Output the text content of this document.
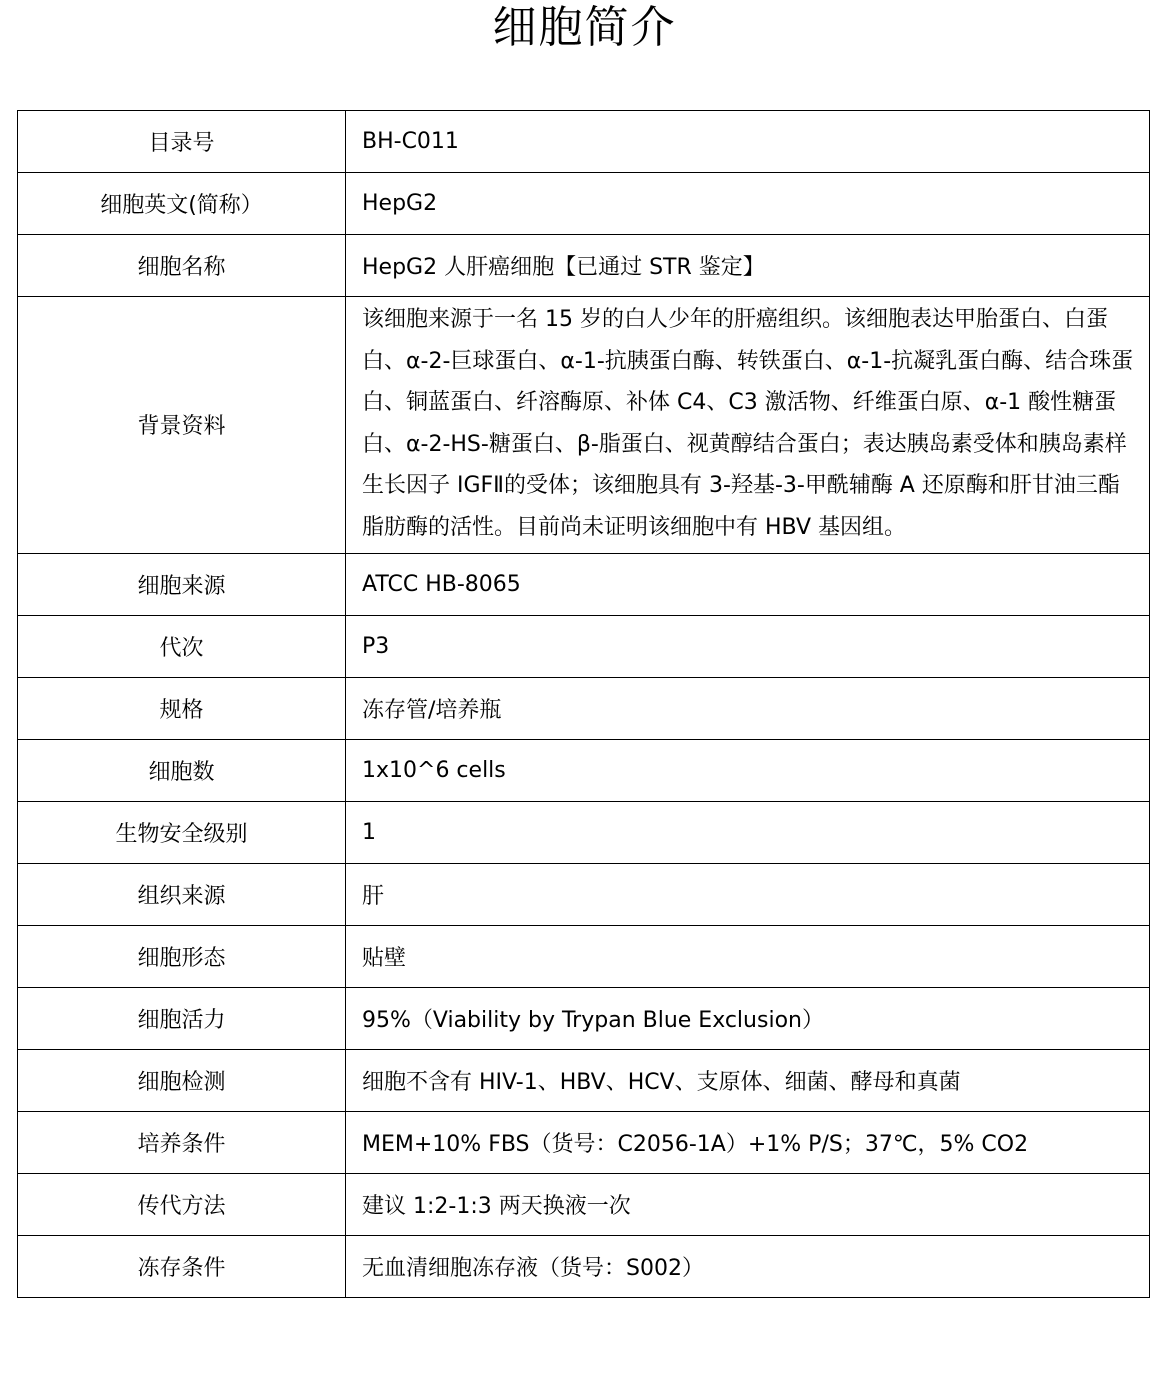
细胞简介
目录号	BH-C011
细胞英文(简称）	HepG2
细胞名称	HepG2 人肝癌细胞【已通过 STR 鉴定】
背景资料	该细胞来源于一名 15 岁的白人少年的肝癌组织。该细胞表达甲胎蛋白、白蛋白、α-2-巨球蛋白、α-1-抗胰蛋白酶、转铁蛋白、α-1-抗凝乳蛋白酶、结合珠蛋白、铜蓝蛋白、纤溶酶原、补体 C4、C3 激活物、纤维蛋白原、α-1 酸性糖蛋白、α-2-HS-糖蛋白、β-脂蛋白、视黄醇结合蛋白；表达胰岛素受体和胰岛素样生长因子 IGFⅡ的受体；该细胞具有 3-羟基-3-甲酰辅酶 A 还原酶和肝甘油三酯脂肪酶的活性。目前尚未证明该细胞中有 HBV 基因组。
细胞来源	ATCC HB-8065
代次	P3
规格	冻存管/培养瓶
细胞数	1x10^6 cells
生物安全级别	1
组织来源	肝
细胞形态	贴壁
细胞活力	95%（Viability by Trypan Blue Exclusion）
细胞检测	细胞不含有 HIV-1、HBV、HCV、支原体、细菌、酵母和真菌
培养条件	MEM+10% FBS（货号：C2056-1A）+1% P/S；37℃，5% CO2
传代方法	建议 1:2-1:3 两天换液一次
冻存条件	无血清细胞冻存液（货号：S002）
